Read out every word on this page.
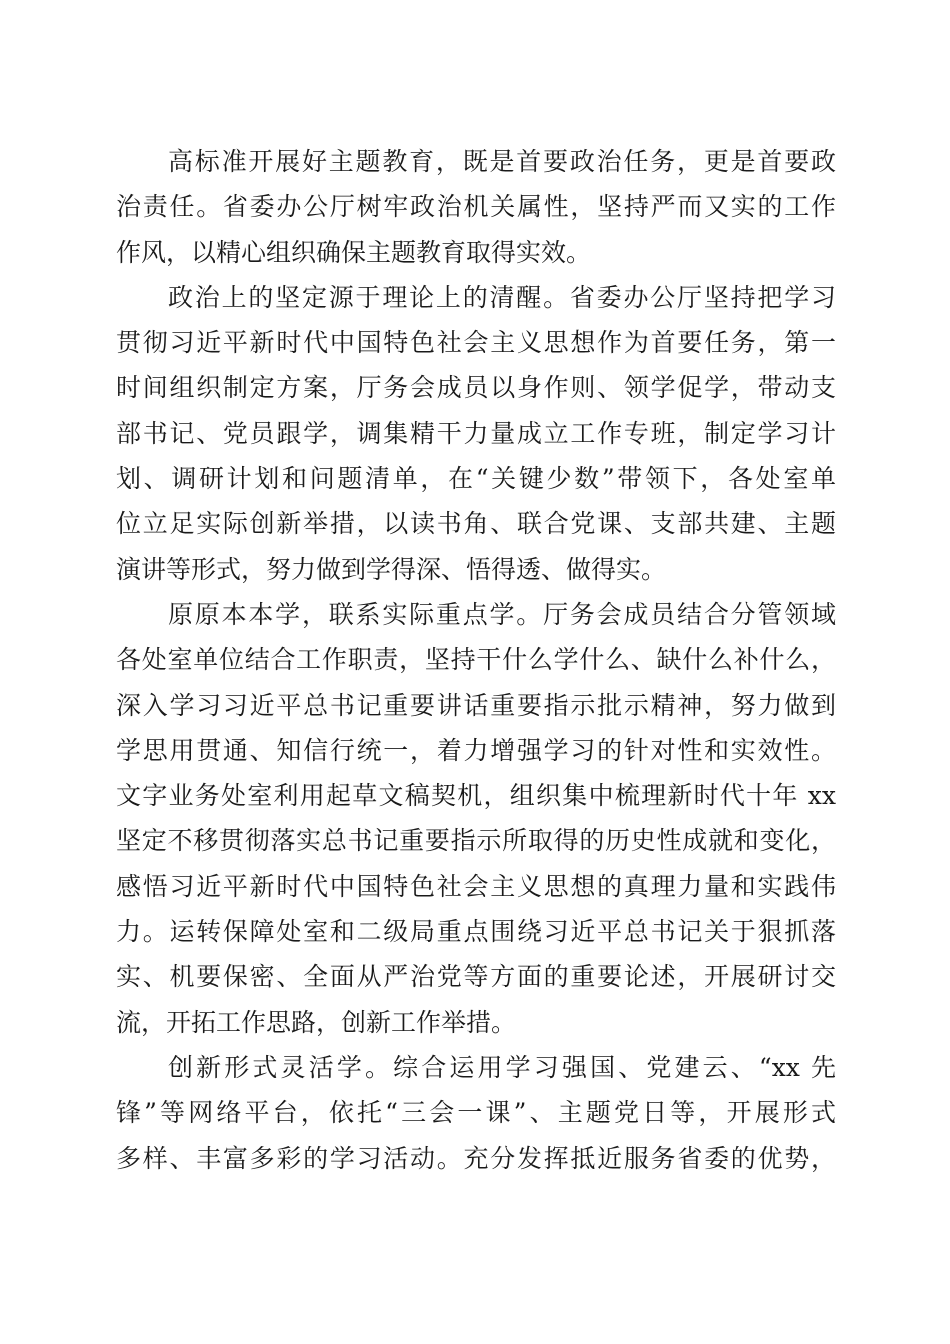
高标准开展好主题教育，既是首要政治任务，更是首要政
治责任。省委办公厅树牢政治机关属性，坚持严而又实的工作
作风，以精心组织确保主题教育取得实效。
政治上的坚定源于理论上的清醒。省委办公厅坚持把学习
贯彻习近平新时代中国特色社会主义思想作为首要任务，第一
时间组织制定方案，厅务会成员以身作则、领学促学，带动支
部书记、党员跟学，调集精干力量成立工作专班，制定学习计
划、调研计划和问题清单，在“关键少数”带领下，各处室单
位立足实际创新举措，以读书角、联合党课、支部共建、主题
演讲等形式，努力做到学得深、悟得透、做得实。
原原本本学，联系实际重点学。厅务会成员结合分管领域
各处室单位结合工作职责，坚持干什么学什么、缺什么补什么，
深入学习习近平总书记重要讲话重要指示批示精神，努力做到
学思用贯通、知信行统一，着力增强学习的针对性和实效性。
文字业务处室利用起草文稿契机，组织集中梳理新时代十年 xx
坚定不移贯彻落实总书记重要指示所取得的历史性成就和变化，
感悟习近平新时代中国特色社会主义思想的真理力量和实践伟
力。运转保障处室和二级局重点围绕习近平总书记关于狠抓落
实、机要保密、全面从严治党等方面的重要论述，开展研讨交
流，开拓工作思路，创新工作举措。
创新形式灵活学。综合运用学习强国、党建云、“xx 先
锋”等网络平台，依托“三会一课”、主题党日等，开展形式
多样、丰富多彩的学习活动。充分发挥抵近服务省委的优势，
